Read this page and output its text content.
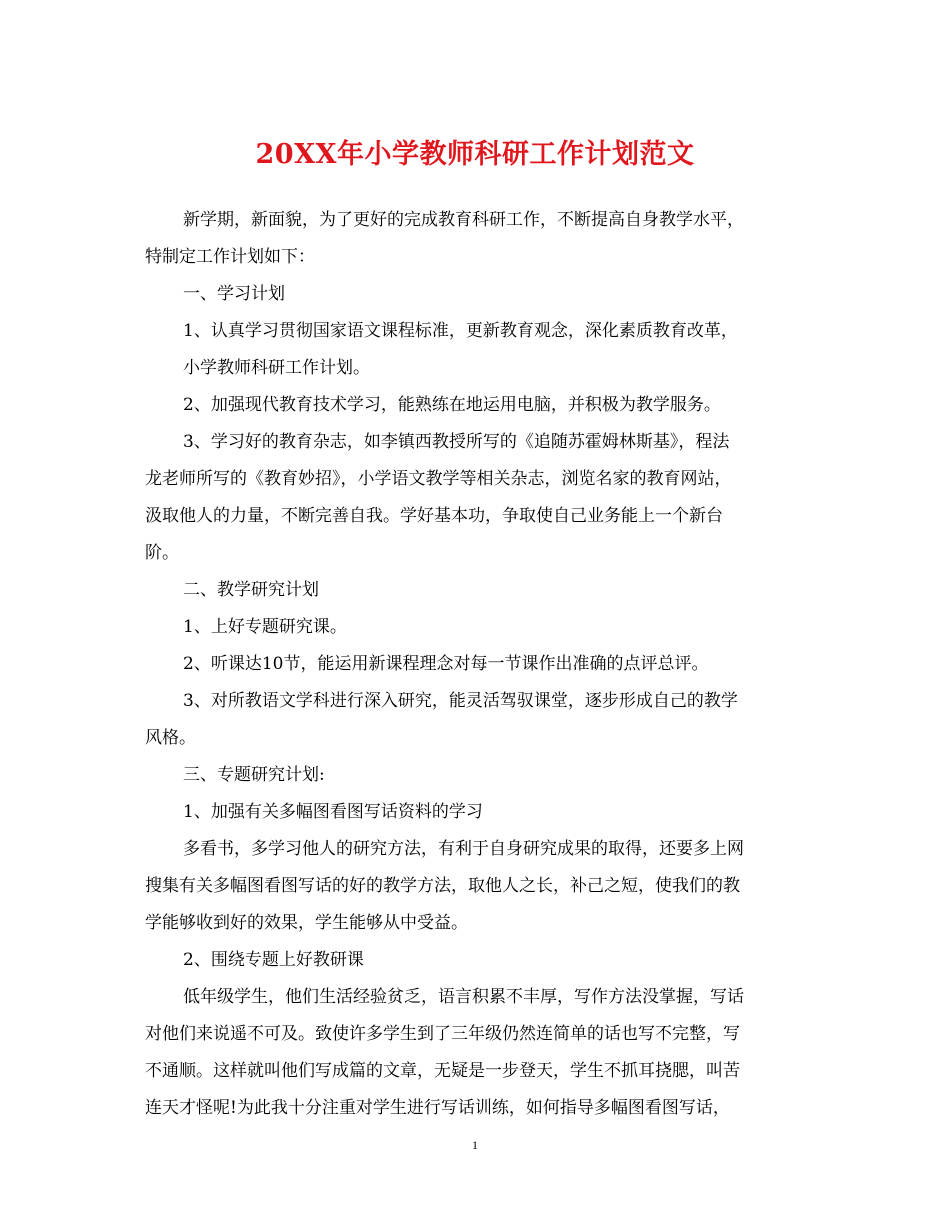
20XX年小学教师科研工作计划范文
新学期，新面貌，为了更好的完成教育科研工作，不断提高自身教学水平，
特制定工作计划如下：
一、学习计划
1、认真学习贯彻国家语文课程标准，更新教育观念，深化素质教育改革，
小学教师科研工作计划。
2、加强现代教育技术学习，能熟练在地运用电脑，并积极为教学服务。
3、学习好的教育杂志，如李镇西教授所写的《追随苏霍姆林斯基》，程法
龙老师所写的《教育妙招》，小学语文教学等相关杂志，浏览名家的教育网站，
汲取他人的力量，不断完善自我。学好基本功，争取使自己业务能上一个新台
阶。
二、教学研究计划
1、上好专题研究课。
2、听课达10节，能运用新课程理念对每一节课作出准确的点评总评。
3、对所教语文学科进行深入研究，能灵活驾驭课堂，逐步形成自己的教学
风格。
三、专题研究计划:
1、加强有关多幅图看图写话资料的学习
多看书，多学习他人的研究方法，有利于自身研究成果的取得，还要多上网
搜集有关多幅图看图写话的好的教学方法，取他人之长，补己之短，使我们的教
学能够收到好的效果，学生能够从中受益。
2、围绕专题上好教研课
低年级学生，他们生活经验贫乏，语言积累不丰厚，写作方法没掌握，写话
对他们来说遥不可及。致使许多学生到了三年级仍然连简单的话也写不完整，写
不通顺。这样就叫他们写成篇的文章，无疑是一步登天，学生不抓耳挠腮，叫苦
连天才怪呢!为此我十分注重对学生进行写话训练，如何指导多幅图看图写话，
1
